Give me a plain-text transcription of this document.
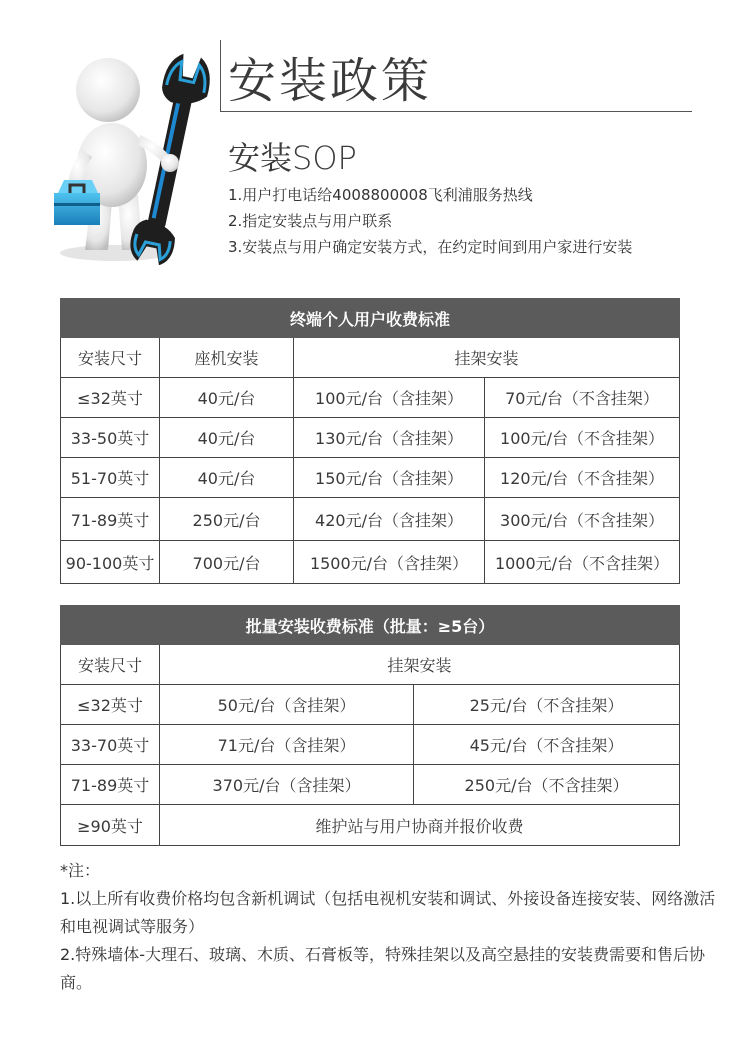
安装政策
安装SOP
1.用户打电话给4008800008飞利浦服务热线
2.指定安装点与用户联系
3.安装点与用户确定安装方式，在约定时间到用户家进行安装
终端个人用户收费标准			
安装尺寸	座机安装	挂架安装	
≤32英寸	40元/台	100元/台（含挂架）	70元/台（不含挂架）
33-50英寸	40元/台	130元/台（含挂架）	100元/台（不含挂架）
51-70英寸	40元/台	150元/台（含挂架）	120元/台（不含挂架）
71-89英寸	250元/台	420元/台（含挂架）	300元/台（不含挂架）
90-100英寸	700元/台	1500元/台（含挂架）	1000元/台（不含挂架）
批量安装收费标准（批量：≥5台）		
安装尺寸	挂架安装	
≤32英寸	50元/台（含挂架）	25元/台（不含挂架）
33-70英寸	71元/台（含挂架）	45元/台（不含挂架）
71-89英寸	370元/台（含挂架）	250元/台（不含挂架）
≥90英寸	维护站与用户协商并报价收费	

*注：

1.以上所有收费价格均包含新机调试（包括电视机安装和调试、外接设备连接安装、网络激活和电视调试等服务）

2.特殊墙体-大理石、玻璃、木质、石膏板等，特殊挂架以及高空悬挂的安装费需要和售后协商。
